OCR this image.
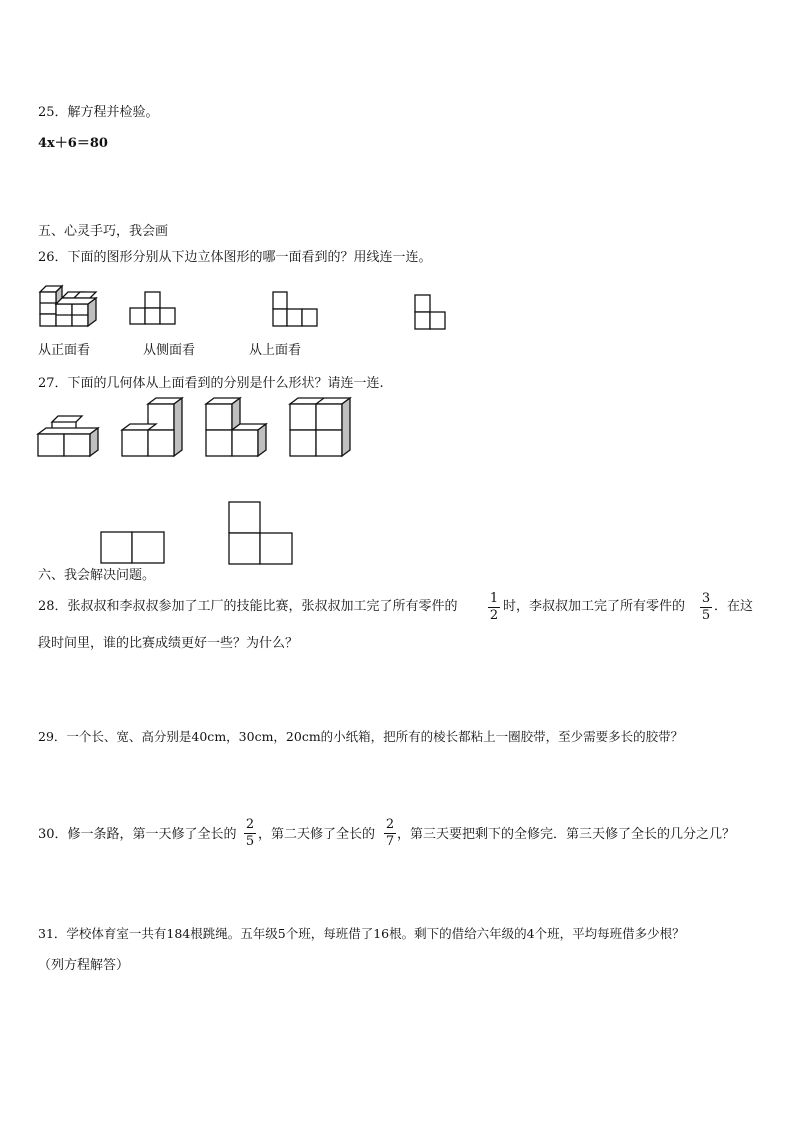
25．解方程并检验。
4x＋6＝80
五、心灵手巧，我会画
26．下面的图形分别从下边立体图形的哪一面看到的？用线连一连。
从正面看	从侧面看	从上面看
27．下面的几何体从上面看到的分别是什么形状？请连一连.
六、我会解决问题。
28．张叔叔和李叔叔参加了工厂的技能比赛，张叔叔加工完了所有零件的
1
2
时，李叔叔加工完了所有零件的
3
5
．在这
段时间里，谁的比赛成绩更好一些？为什么？
29．一个长、宽、高分别是40cm，30cm，20cm的小纸箱，把所有的棱长都粘上一圈胶带，至少需要多长的胶带？
30．修一条路，第一天修了全长的
2
5 ，第二天修了全长的
2
7 ，第三天要把剩下的全修完．第三天修了全长的几分之几？
31．学校体育室一共有184根跳绳。五年级5个班，每班借了16根。剩下的借给六年级的4个班，平均每班借多少根？
（列方程解答）
